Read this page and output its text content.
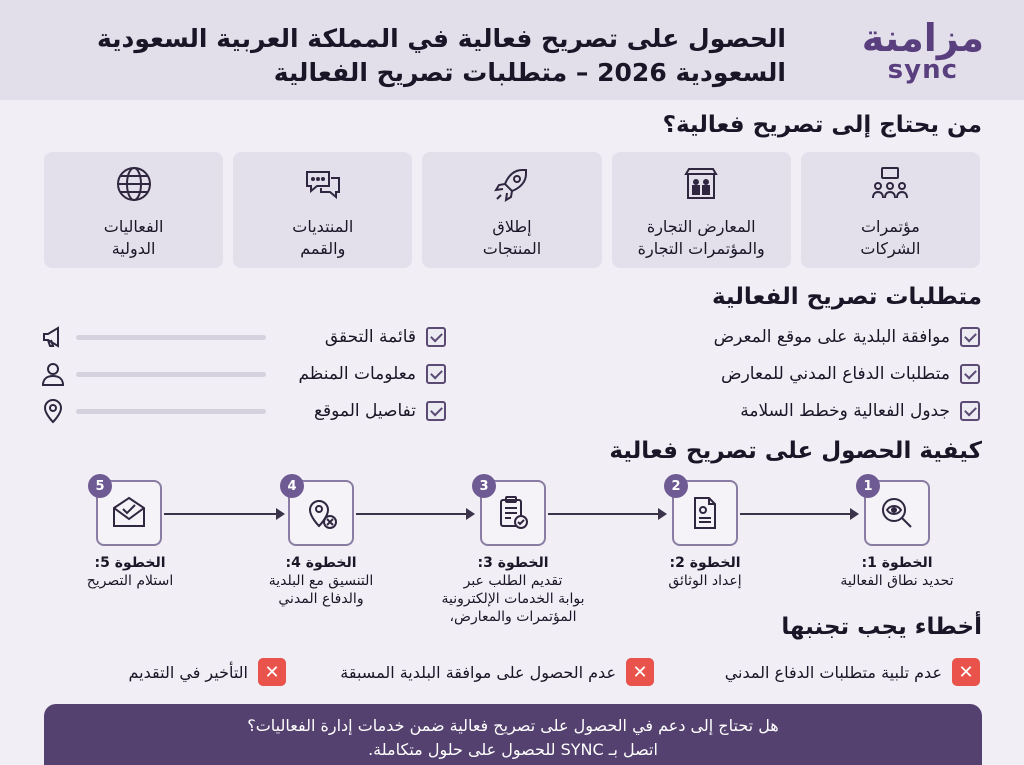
مزامنة
sync
الحصول على تصريح فعالية في المملكة العربية السعودية
السعودية 2026 – متطلبات تصريح الفعالية
من يحتاج إلى تصريح فعالية؟
مؤتمرات
الشركات
المعارض التجارة
والمؤتمرات التجارة
إطلاق
المنتجات
المنتديات
والقمم
الفعاليات
الدولية
متطلبات تصريح الفعالية
موافقة البلدية على موقع المعرض
متطلبات الدفاع المدني للمعارض
جدول الفعالية وخطط السلامة
قائمة التحقق
معلومات المنظم
تفاصيل الموقع
كيفية الحصول على تصريح فعالية
5
الخطوة 5:
استلام التصريح
4
الخطوة 4:
التنسيق مع البلدية
والدفاع المدني
3
الخطوة 3:
تقديم الطلب عبر
بوابة الخدمات الإلكترونية
المؤتمرات والمعارض،
2
الخطوة 2:
إعداد الوثائق
1
الخطوة 1:
تحديد نطاق الفعالية
أخطاء يجب تجنبها
✕
عدم تلبية متطلبات الدفاع المدني
✕
عدم الحصول على موافقة البلدية المسبقة
✕
التأخير في التقديم
هل تحتاج إلى دعم في الحصول على تصريح فعالية ضمن خدمات إدارة الفعاليات؟
اتصل بـ SYNC للحصول على حلول متكاملة.
